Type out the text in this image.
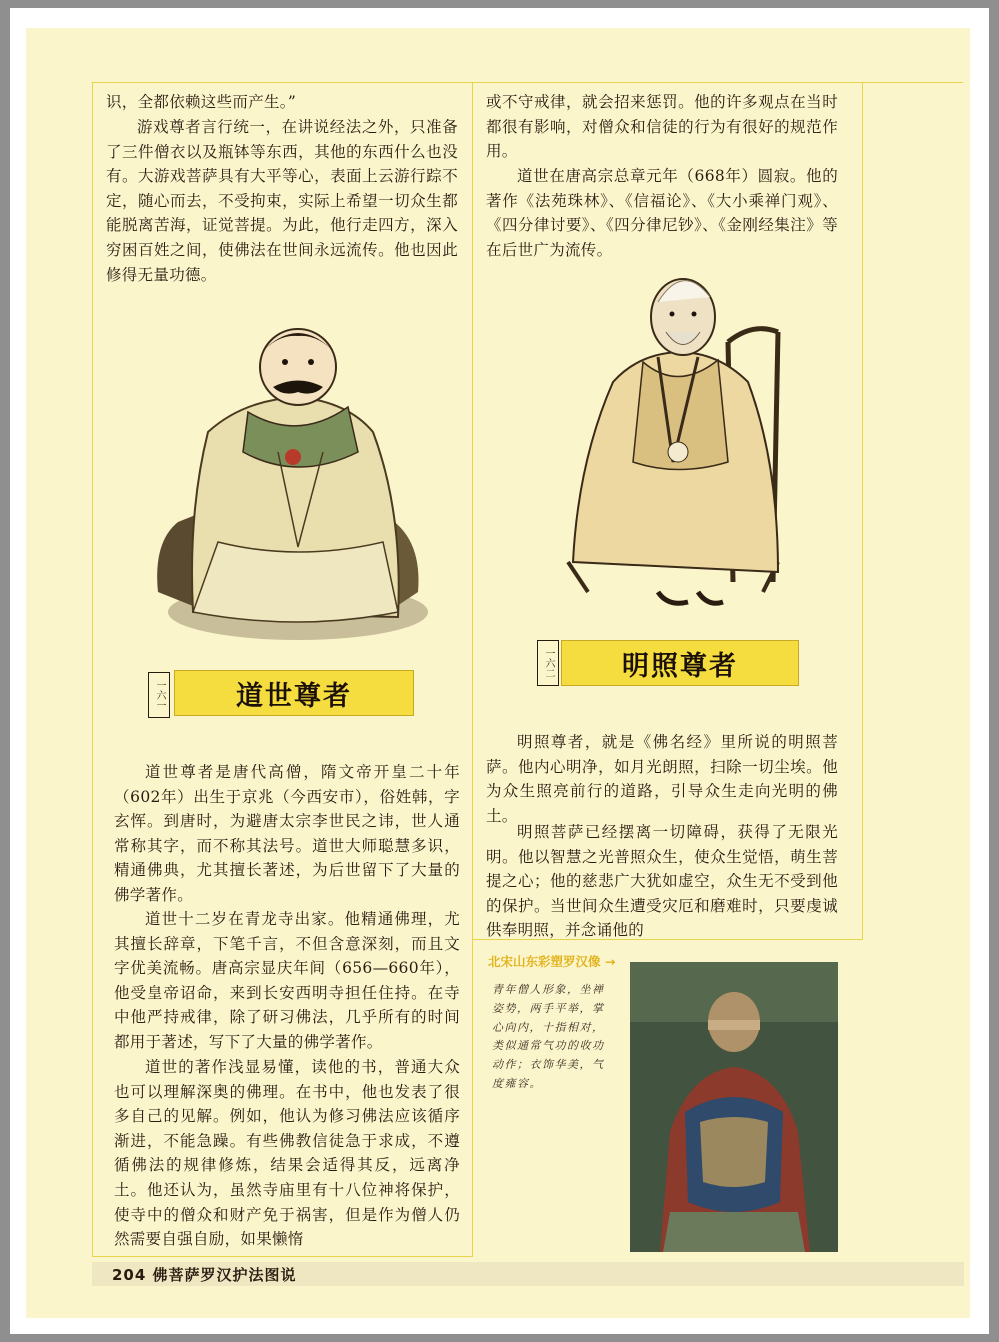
识，全都依赖这些而产生。”

游戏尊者言行统一，在讲说经法之外，只准备了三件僧衣以及瓶钵等东西，其他的东西什么也没有。大游戏菩萨具有大平等心，表面上云游行踪不定，随心而去，不受拘束，实际上希望一切众生都能脱离苦海，证觉菩提。为此，他行走四方，深入穷困百姓之间，使佛法在世间永远流传。他也因此修得无量功德。

一六一	道世尊者

道世尊者是唐代高僧，隋文帝开皇二十年（602年）出生于京兆（今西安市），俗姓韩，字玄恽。到唐时，为避唐太宗李世民之讳，世人通常称其字，而不称其法号。道世大师聪慧多识，精通佛典，尤其擅长著述，为后世留下了大量的佛学著作。

道世十二岁在青龙寺出家。他精通佛理，尤其擅长辞章，下笔千言，不但含意深刻，而且文字优美流畅。唐高宗显庆年间（656—660年），他受皇帝诏命，来到长安西明寺担任住持。在寺中他严持戒律，除了研习佛法，几乎所有的时间都用于著述，写下了大量的佛学著作。

道世的著作浅显易懂，读他的书，普通大众也可以理解深奥的佛理。在书中，他也发表了很多自己的见解。例如，他认为修习佛法应该循序渐进，不能急躁。有些佛教信徒急于求成，不遵循佛法的规律修炼，结果会适得其反，远离净土。他还认为，虽然寺庙里有十八位神将保护，使寺中的僧众和财产免于祸害，但是作为僧人仍然需要自强自励，如果懒惰

或不守戒律，就会招来惩罚。他的许多观点在当时都很有影响，对僧众和信徒的行为有很好的规范作用。

道世在唐高宗总章元年（668年）圆寂。他的著作《法苑珠林》、《信福论》、《大小乘禅门观》、《四分律讨要》、《四分律尼钞》、《金刚经集注》等在后世广为流传。

一六二	明照尊者

明照尊者，就是《佛名经》里所说的明照菩萨。他内心明净，如月光朗照，扫除一切尘埃。他为众生照亮前行的道路，引导众生走向光明的佛土。

明照菩萨已经摆离一切障碍，获得了无限光明。他以智慧之光普照众生，使众生觉悟，萌生菩提之心；他的慈悲广大犹如虚空，众生无不受到他的保护。当世间众生遭受灾厄和磨难时，只要虔诚供奉明照，并念诵他的

北宋山东彩塑罗汉像 →
青年僧人形象，坐禅姿势，两手平举，掌心向内，十指相对，类似通常气功的收功动作；衣饰华美，气度雍容。
204 佛菩萨罗汉护法图说
